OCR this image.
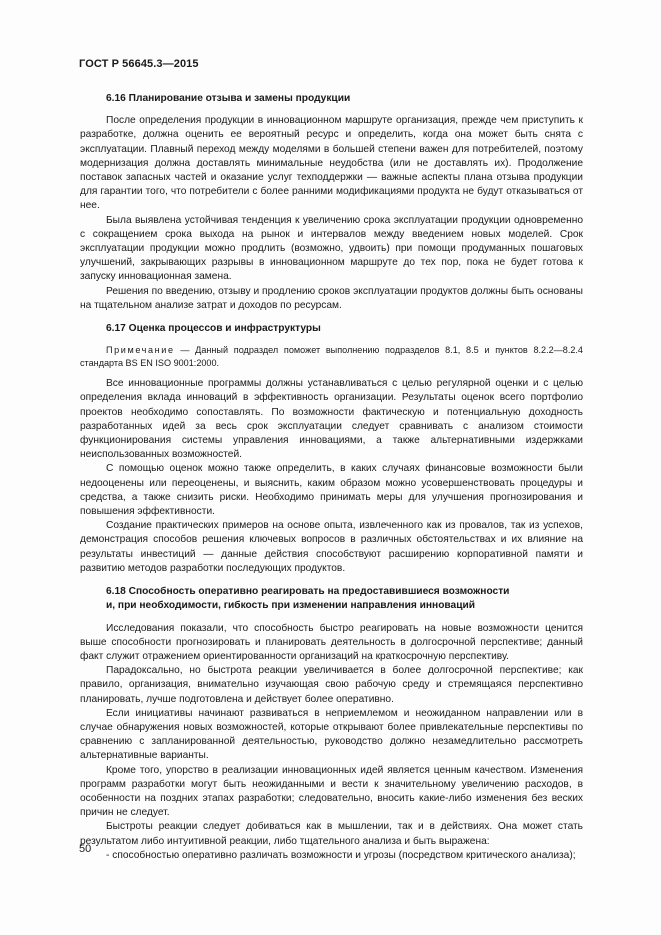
ГОСТ Р 56645.3—2015

6.16 Планирование отзыва и замены продукции

После определения продукции в инновационном маршруте организация, прежде чем приступить к разработке, должна оценить ее вероятный ресурс и определить, когда она может быть снята с эксплуатации. Плавный переход между моделями в большей степени важен для потребителей, поэтому модернизация должна доставлять минимальные неудобства (или не доставлять их). Продолжение поставок запасных частей и оказание услуг техподдержки — важные аспекты плана отзыва продукции для гарантии того, что потребители с более ранними модификациями продукта не будут отказываться от нее.

Была выявлена устойчивая тенденция к увеличению срока эксплуатации продукции одновременно с сокращением срока выхода на рынок и интервалов между введением новых моделей. Срок эксплуатации продукции можно продлить (возможно, удвоить) при помощи продуманных пошаговых улучшений, закрывающих разрывы в инновационном маршруте до тех пор, пока не будет готова к запуску инновационная замена.

Решения по введению, отзыву и продлению сроков эксплуатации продуктов должны быть основаны на тщательном анализе затрат и доходов по ресурсам.

6.17 Оценка процессов и инфраструктуры

Примечание — Данный подраздел поможет выполнению подразделов 8.1, 8.5 и пунктов 8.2.2—8.2.4 стандарта BS EN ISO 9001:2000.

Все инновационные программы должны устанавливаться с целью регулярной оценки и с целью определения вклада инноваций в эффективность организации. Результаты оценок всего портфолио проектов необходимо сопоставлять. По возможности фактическую и потенциальную доходность разработанных идей за весь срок эксплуатации следует сравнивать с анализом стоимости функционирования системы управления инновациями, а также альтернативными издержками неиспользованных возможностей.

С помощью оценок можно также определить, в каких случаях финансовые возможности были недооценены или переоценены, и выяснить, каким образом можно усовершенствовать процедуры и средства, а также снизить риски. Необходимо принимать меры для улучшения прогнозирования и повышения эффективности.

Создание практических примеров на основе опыта, извлеченного как из провалов, так из успехов, демонстрация способов решения ключевых вопросов в различных обстоятельствах и их влияние на результаты инвестиций — данные действия способствуют расширению корпоративной памяти и развитию методов разработки последующих продуктов.

6.18 Способность оперативно реагировать на предоставившиеся возможности

и, при необходимости, гибкость при изменении направления инноваций

Исследования показали, что способность быстро реагировать на новые возможности ценится выше способности прогнозировать и планировать деятельность в долгосрочной перспективе; данный факт служит отражением ориентированности организаций на краткосрочную перспективу.

Парадоксально, но быстрота реакции увеличивается в более долгосрочной перспективе; как правило, организация, внимательно изучающая свою рабочую среду и стремящаяся перспективно планировать, лучше подготовлена и действует более оперативно.

Если инициативы начинают развиваться в неприемлемом и неожиданном направлении или в случае обнаружения новых возможностей, которые открывают более привлекательные перспективы по сравнению с запланированной деятельностью, руководство должно незамедлительно рассмотреть альтернативные варианты.

Кроме того, упорство в реализации инновационных идей является ценным качеством. Изменения программ разработки могут быть неожиданными и вести к значительному увеличению расходов, в особенности на поздних этапах разработки; следовательно, вносить какие-либо изменения без веских причин не следует.

Быстроты реакции следует добиваться как в мышлении, так и в действиях. Она может стать результатом либо интуитивной реакции, либо тщательного анализа и быть выражена:

- способностью оперативно различать возможности и угрозы (посредством критического анализа);

50
